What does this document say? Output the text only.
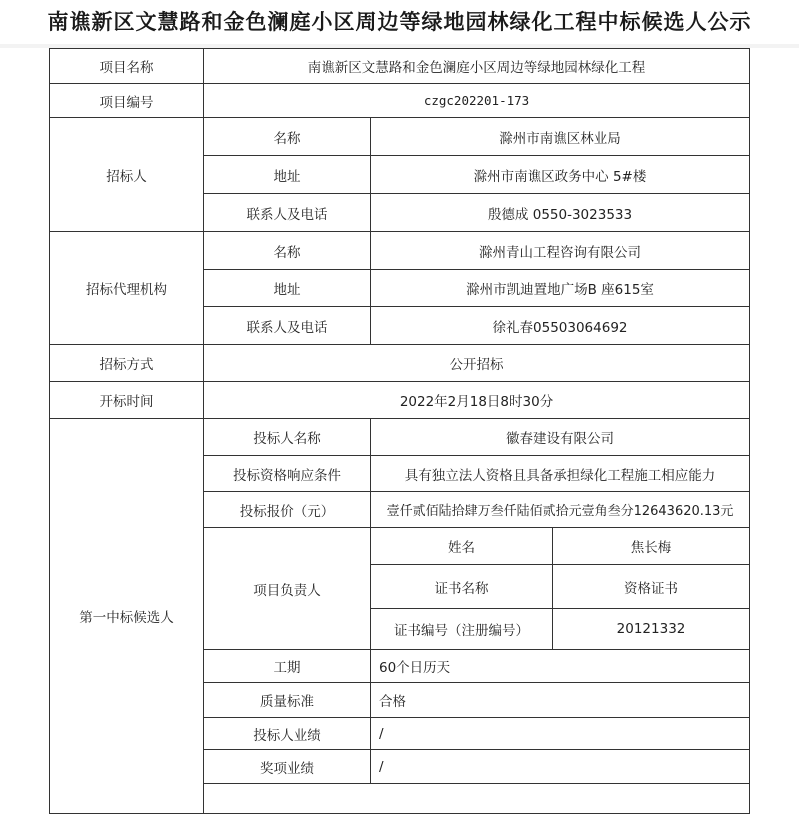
南谯新区文慧路和金色澜庭小区周边等绿地园林绿化工程中标候选人公示
项目名称	南谯新区文慧路和金色澜庭小区周边等绿地园林绿化工程		
项目编号	czgc202201-173		
招标人	名称	滁州市南谯区林业局	
	地址	滁州市南谯区政务中心 5#楼	
	联系人及电话	殷德成 0550-3023533	
招标代理机构	名称	滁州青山工程咨询有限公司	
	地址	滁州市凯迪置地广场B 座615室	
	联系人及电话	徐礼春05503064692	
招标方式	公开招标		
开标时间	2022年2月18日8时30分		
第一中标候选人	投标人名称	徽春建设有限公司	
	投标资格响应条件	具有独立法人资格且具备承担绿化工程施工相应能力	
	投标报价（元）	壹仟贰佰陆拾肆万叁仟陆佰贰拾元壹角叁分12643620.13元	
	项目负责人	姓名	焦长梅
		证书名称	资格证书
		证书编号（注册编号）	20121332
	工期	60个日历天	
	质量标准	合格	
	投标人业绩	/	
	奖项业绩	/	
